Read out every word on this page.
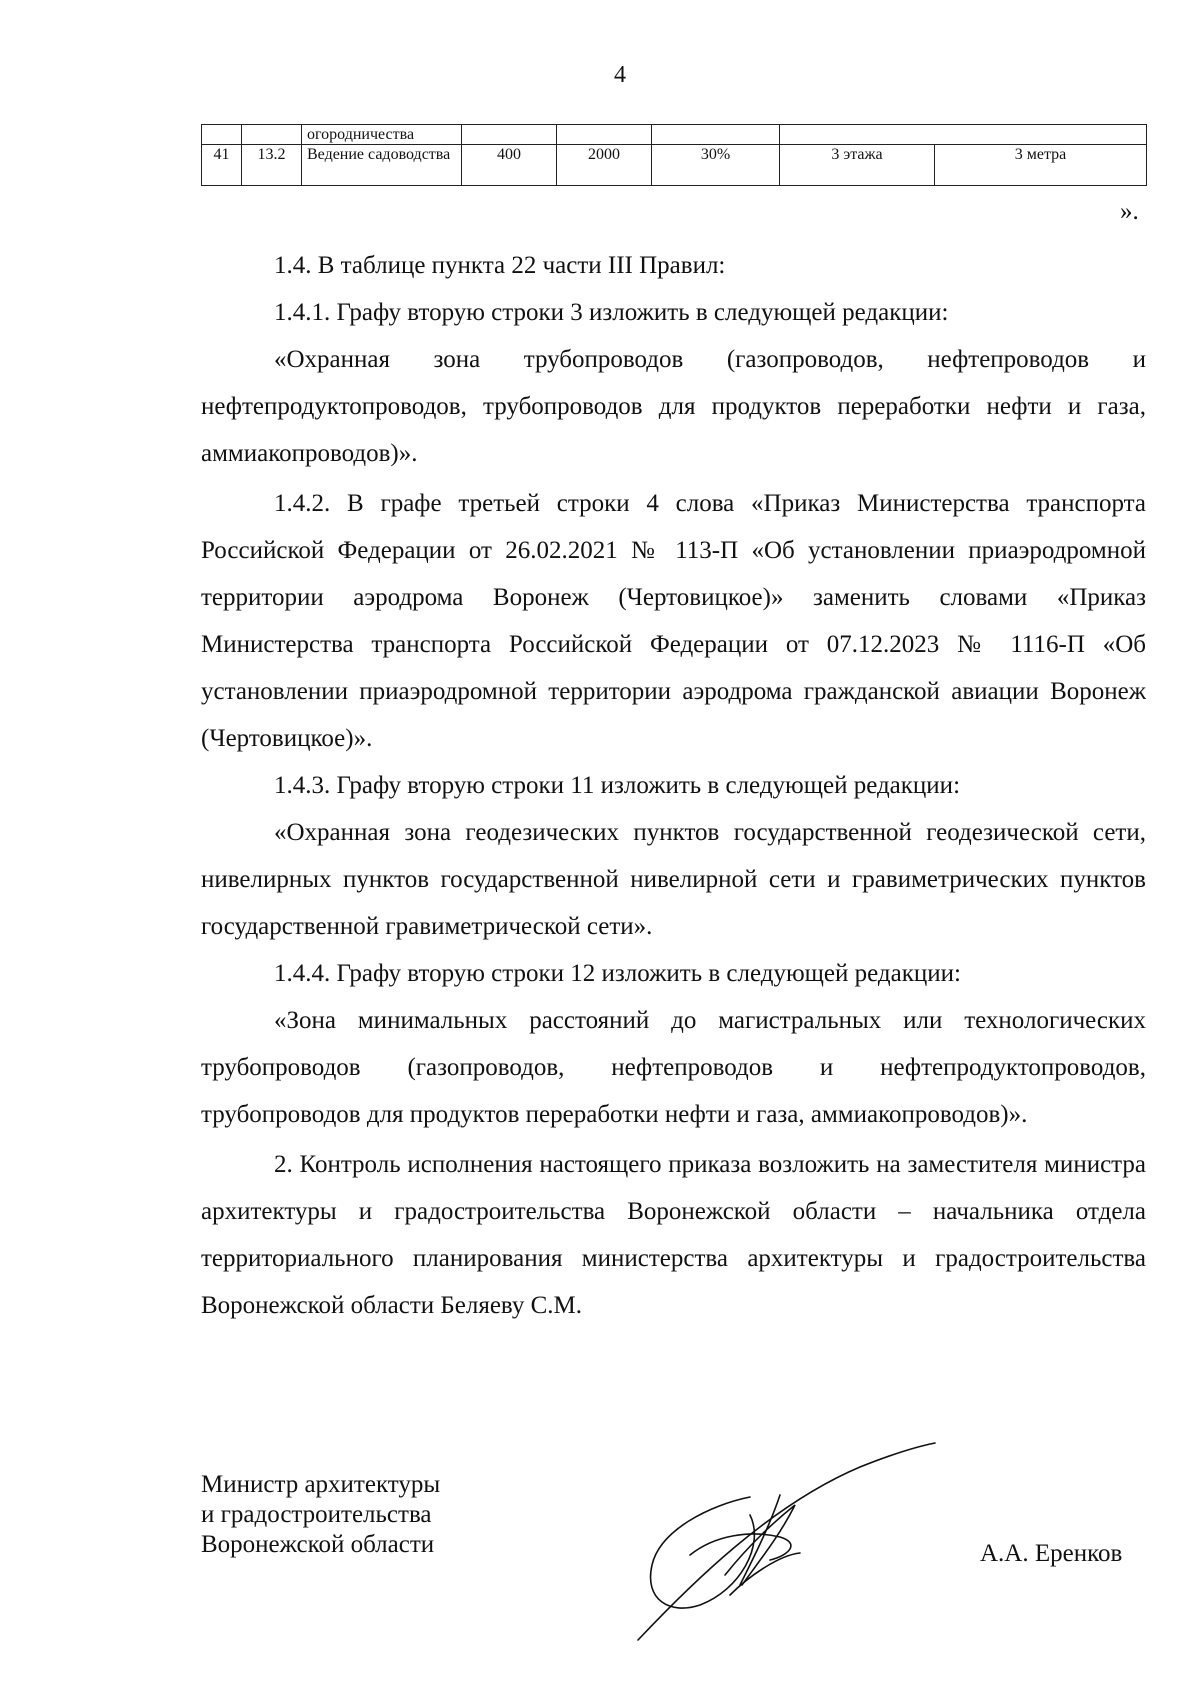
4
		огородничества					
41	13.2	Ведение садоводства	400	2000	30%	3 этажа	3 метра
».

1.4. В таблице пункта 22 части III Правил:

1.4.1. Графу вторую строки 3 изложить в следующей редакции:

«Охранная зона трубопроводов (газопроводов, нефтепроводов и нефтепродуктопроводов, трубопроводов для продуктов переработки нефти и газа, аммиакопроводов)».

1.4.2. В графе третьей строки 4 слова «Приказ Министерства транспорта Российской Федерации от 26.02.2021 № 113-П «Об установлении приаэродромной территории аэродрома Воронеж (Чертовицкое)» заменить словами «Приказ Министерства транспорта Российской Федерации от 07.12.2023 № 1116-П «Об установлении приаэродромной территории аэродрома гражданской авиации Воронеж (Чертовицкое)».

1.4.3. Графу вторую строки 11 изложить в следующей редакции:

«Охранная зона геодезических пунктов государственной геодезической сети, нивелирных пунктов государственной нивелирной сети и гравиметрических пунктов государственной гравиметрической сети».

1.4.4. Графу вторую строки 12 изложить в следующей редакции:

«Зона минимальных расстояний до магистральных или технологических трубопроводов (газопроводов, нефтепроводов и нефтепродуктопроводов, трубопроводов для продуктов переработки нефти и газа, аммиакопроводов)».

2. Контроль исполнения настоящего приказа возложить на заместителя министра архитектуры и градостроительства Воронежской области – начальника отдела территориального планирования министерства архитектуры и градостроительства Воронежской области Беляеву С.М.

Министр архитектуры
и градостроительства
Воронежской области	А.А. Еренков
